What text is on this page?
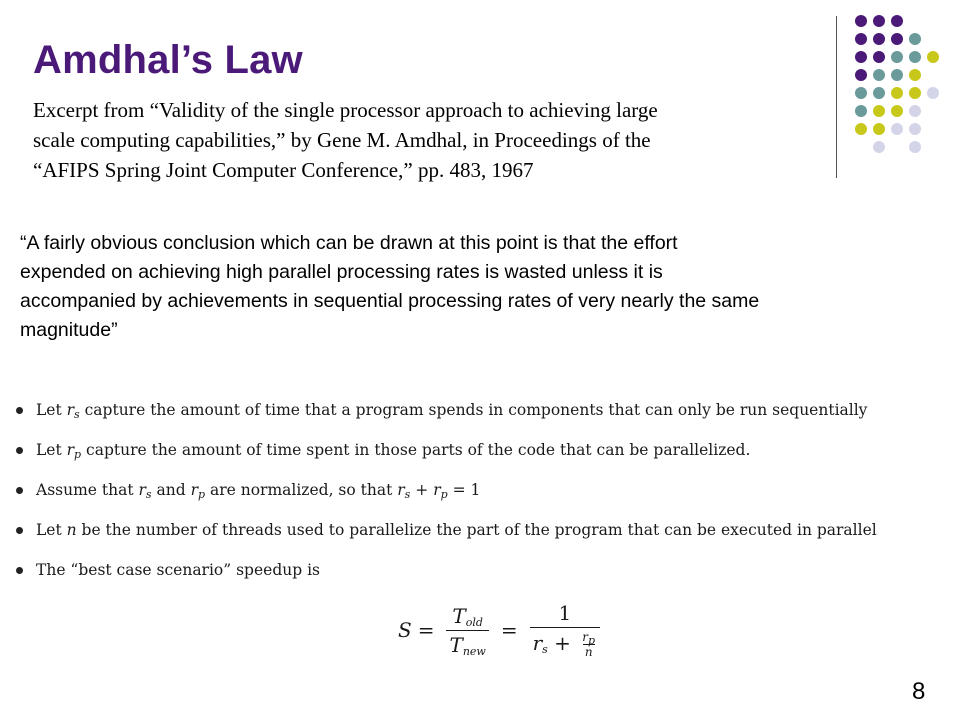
Amdhal’s Law
Excerpt from “Validity of the single processor approach to achieving large
scale computing capabilities,” by Gene M. Amdhal, in Proceedings of the
“AFIPS Spring Joint Computer Conference,” pp. 483, 1967
“A fairly obvious conclusion which can be drawn at this point is that the effort
expended on achieving high parallel processing rates is wasted unless it is
accompanied by achievements in sequential processing rates of very nearly the same
magnitude”
Let $r_s$ capture the amount of time that a program spends in components that can only be run sequentially
Let $r_p$ capture the amount of time spent in those parts of the code that can be parallelized.
Assume that $r_s$ and $r_p$ are normalized, so that $r_s + r_p = 1$
Let n be the number of threads used to parallelize the part of the program that can be executed in parallel
The “best case scenario” speedup is
$S = \frac{T_{old}}{T_{new}} = \frac{1}{r_s + \frac{r_p}{n}}$
8
